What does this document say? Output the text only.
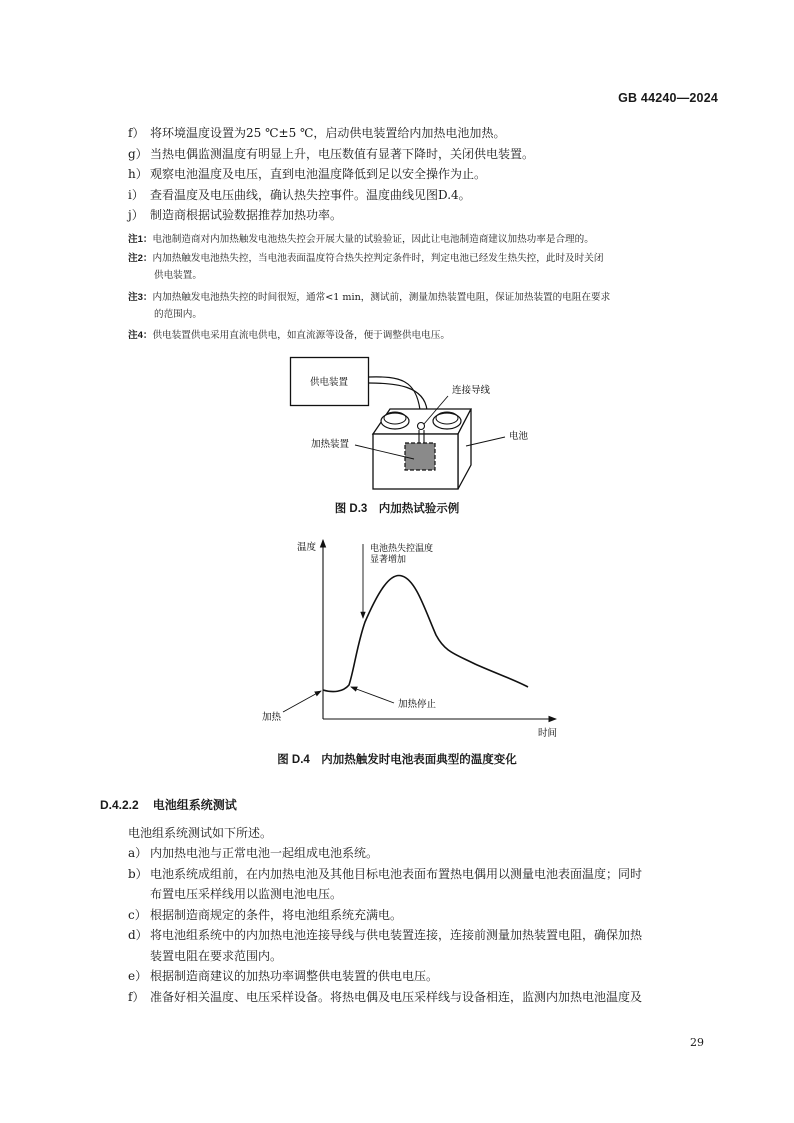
GB 44240—2024
f） 将环境温度设置为25 ℃±5 ℃，启动供电装置给内加热电池加热。
g） 当热电偶监测温度有明显上升，电压数值有显著下降时，关闭供电装置。
h） 观察电池温度及电压，直到电池温度降低到足以安全操作为止。
i） 查看温度及电压曲线，确认热失控事件。温度曲线见图D.4。
j） 制造商根据试验数据推荐加热功率。
注1：电池制造商对内加热触发电池热失控会开展大量的试验验证，因此让电池制造商建议加热功率是合理的。
注2：内加热触发电池热失控，当电池表面温度符合热失控判定条件时，判定电池已经发生热失控，此时及时关闭
供电装置。
注3：内加热触发电池热失控的时间很短，通常<1 min，测试前，测量加热装置电阻，保证加热装置的电阻在要求
的范围内。
注4：供电装置供电采用直流电供电，如直流源等设备，便于调整供电电压。
供电装置
连接导线
加热装置
电池
图 D.3　内加热试验示例
温度
时间
电池热失控温度
显著增加
加热
加热停止
图 D.4　内加热触发时电池表面典型的温度变化
D.4.2.2 电池组系统测试
电池组系统测试如下所述。
a） 内加热电池与正常电池一起组成电池系统。
b） 电池系统成组前，在内加热电池及其他目标电池表面布置热电偶用以测量电池表面温度；同时
布置电压采样线用以监测电池电压。
c） 根据制造商规定的条件，将电池组系统充满电。
d） 将电池组系统中的内加热电池连接导线与供电装置连接，连接前测量加热装置电阻，确保加热
装置电阻在要求范围内。
e） 根据制造商建议的加热功率调整供电装置的供电电压。
f） 准备好相关温度、电压采样设备。将热电偶及电压采样线与设备相连，监测内加热电池温度及
29
